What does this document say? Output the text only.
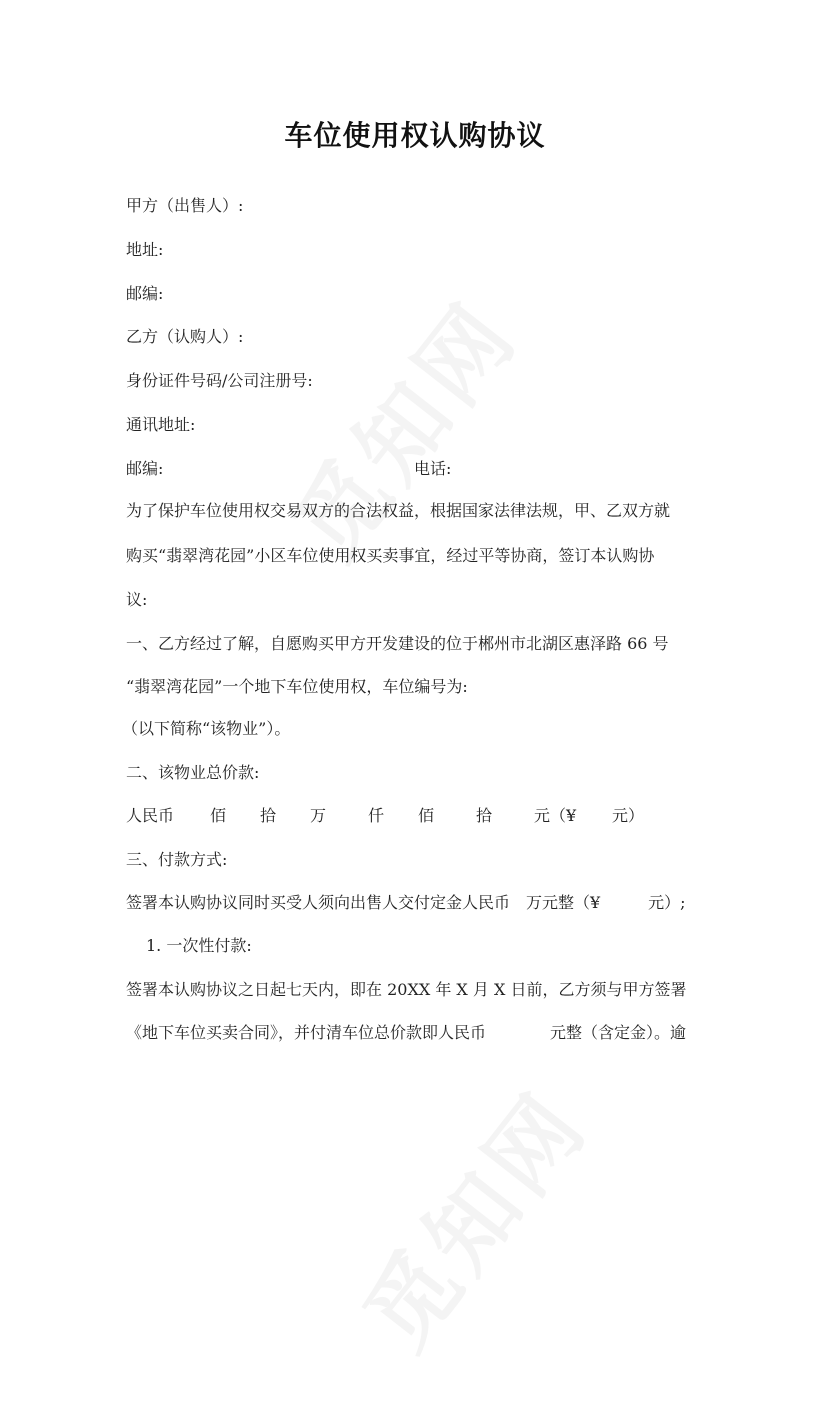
车位使用权认购协议
甲方（出售人）:
地址:
邮编:
乙方（认购人）:
身份证件号码/公司注册号:
通讯地址:
邮编:	电话:
为了保护车位使用权交易双方的合法权益，根据国家法律法规，甲、乙双方就
购买“翡翠湾花园”小区车位使用权买卖事宜，经过平等协商，签订本认购协
议:
一、乙方经过了解，自愿购买甲方开发建设的位于郴州市北湖区惠泽路 66 号
“翡翠湾花园”一个地下车位使用权，车位编号为:
（以下简称“该物业”）。
二、该物业总价款:
人民币 佰 拾 万	仟 佰	拾	元（¥ 元）
三、付款方式:
签署本认购协议同时买受人须向出售人交付定金人民币　万元整（¥　　　元）;
1. 一次性付款:
签署本认购协议之日起七天内，即在 20XX 年 X 月 X 日前，乙方须与甲方签署
《地下车位买卖合同》，并付清车位总价款即人民币　　　　元整（含定金）。逾
